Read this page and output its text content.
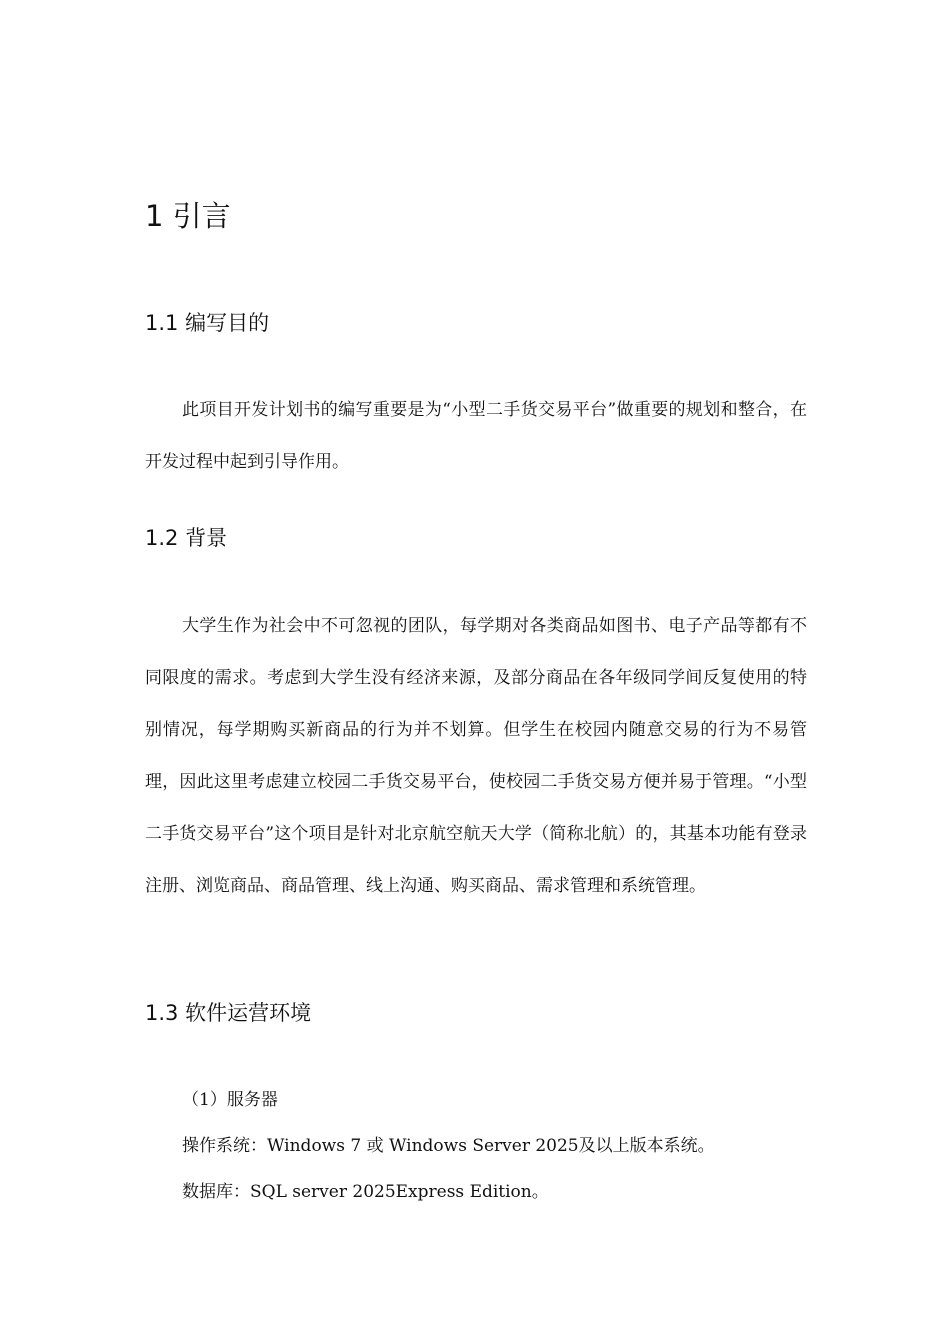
1 引言
1.1 编写目的

此项目开发计划书的编写重要是为“小型二手货交易平台”做重要的规划和整合，在开发过程中起到引导作用。

1.2 背景

大学生作为社会中不可忽视的团队，每学期对各类商品如图书、电子产品等都有不同限度的需求。考虑到大学生没有经济来源，及部分商品在各年级同学间反复使用的特别情况，每学期购买新商品的行为并不划算。但学生在校园内随意交易的行为不易管理，因此这里考虑建立校园二手货交易平台，使校园二手货交易方便并易于管理。“小型二手货交易平台”这个项目是针对北京航空航天大学（简称北航）的，其基本功能有登录注册、浏览商品、商品管理、线上沟通、购买商品、需求管理和系统管理。

1.3 软件运营环境

（1）服务器

操作系统：Windows 7 或 Windows Server 2025及以上版本系统。

数据库：SQL server 2025Express Edition。
